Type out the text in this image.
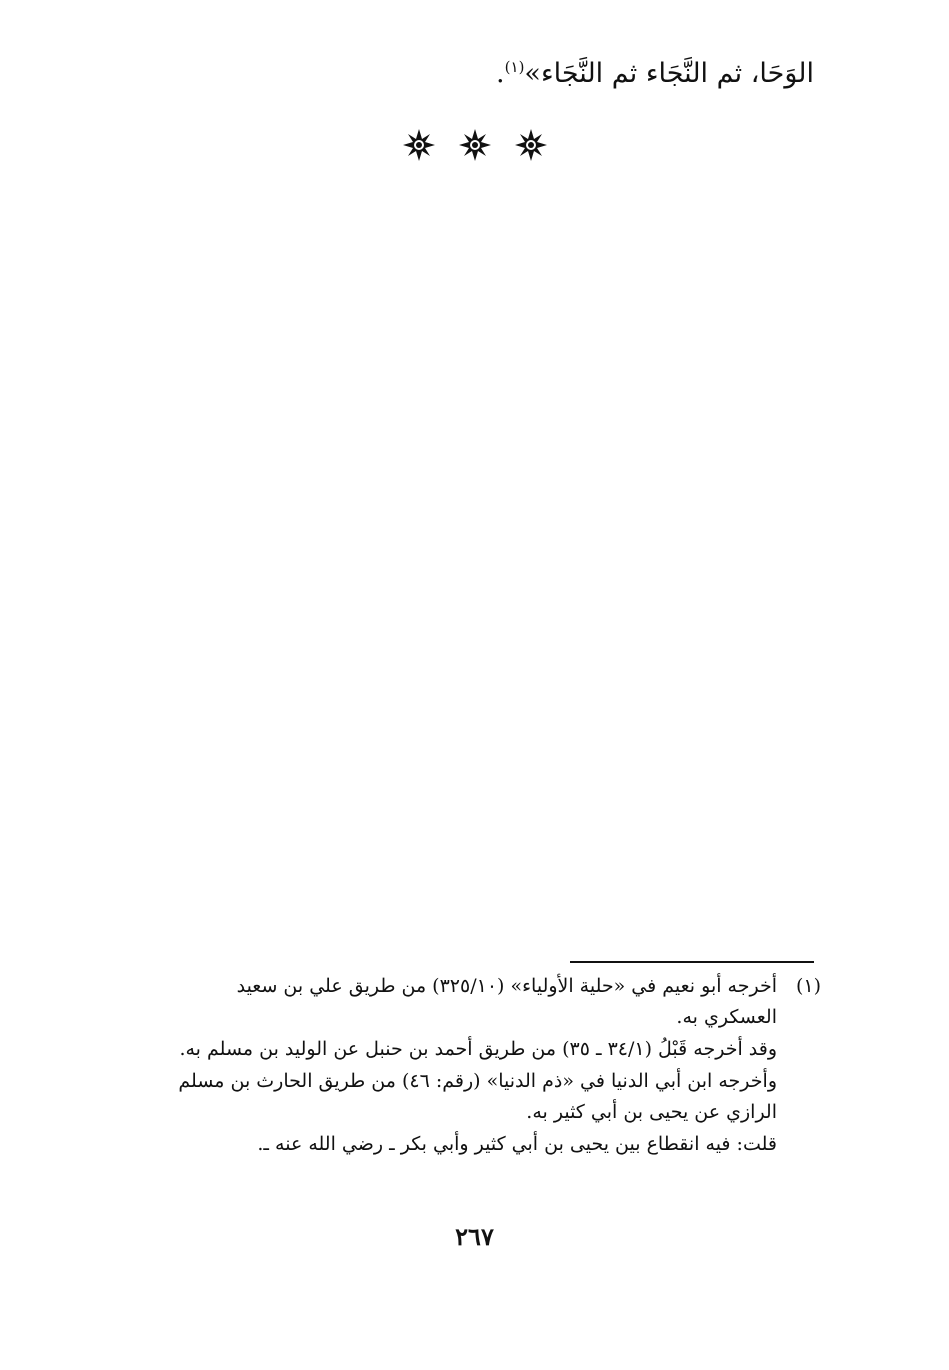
الوَحَا، ثم النَّجَاء ثم النَّجَاء»$^{(١)}$.
(١)
أخرجه أبو نعيم في «حلية الأولياء» (٣٢٥/١٠) من طريق علي بن سعيد
العسكري به.
وقد أخرجه قَبْلُ (٣٤/١ ـ ٣٥) من طريق أحمد بن حنبل عن الوليد بن مسلم به.
وأخرجه ابن أبي الدنيا في «ذم الدنيا» (رقم: ٤٦) من طريق الحارث بن مسلم
الرازي عن يحيى بن أبي كثير به.
قلت: فيه انقطاع بين يحيى بن أبي كثير وأبي بكر ـ رضي الله عنه ـ.
٢٦٧
